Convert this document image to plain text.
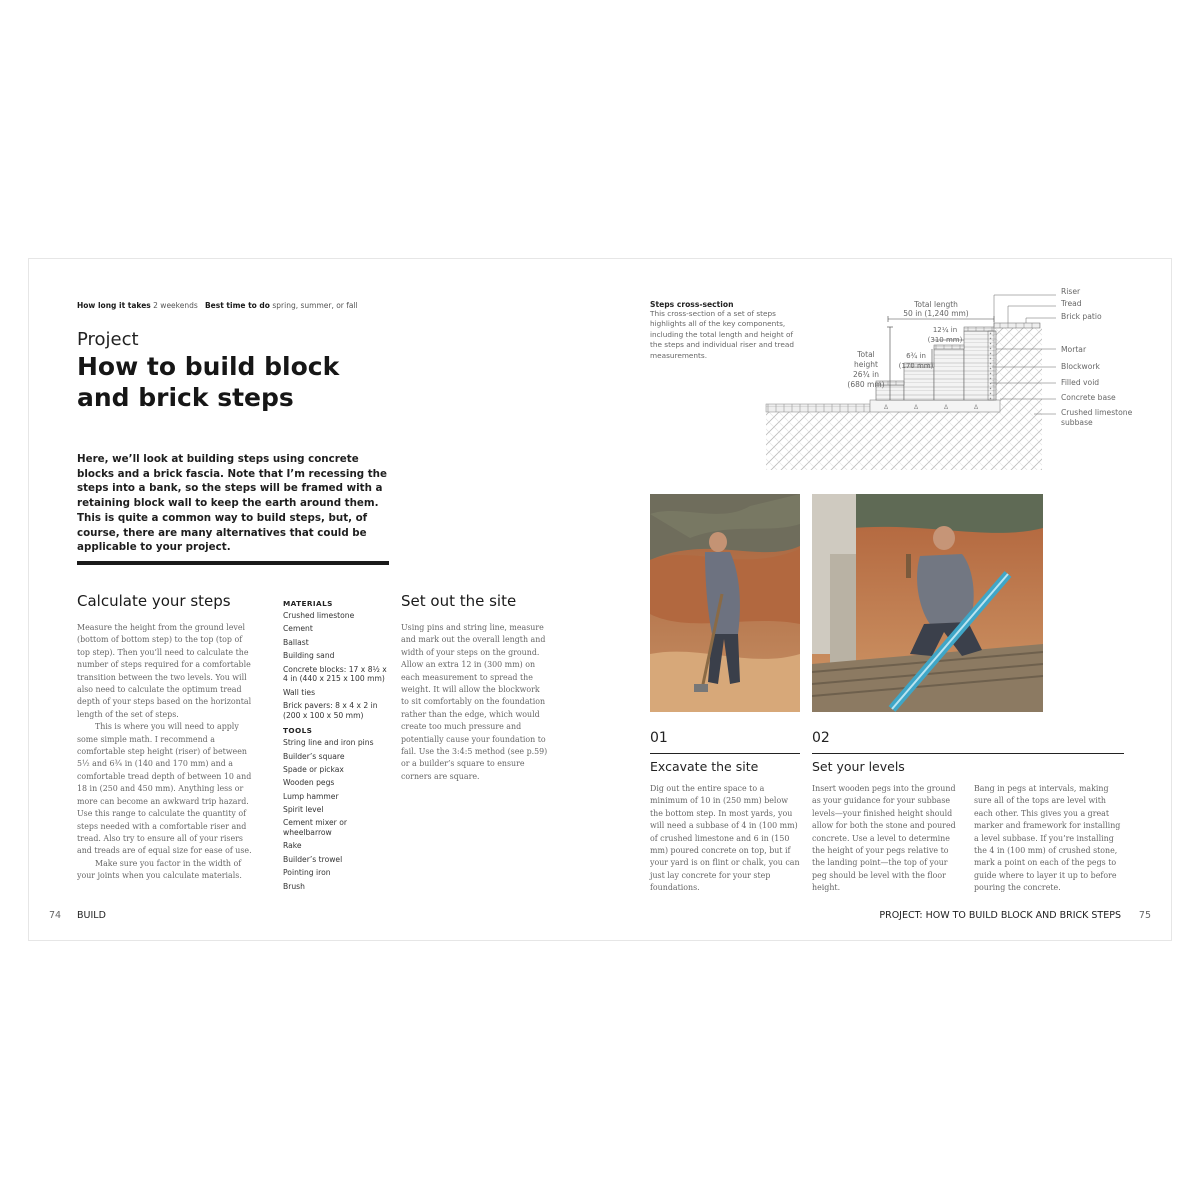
How long it takes 2 weekends Best time to do spring, summer, or fall
Project
How to build block
and brick steps
Here, we’ll look at building steps using concrete blocks and a brick fascia. Note that I’m recessing the steps into a bank, so the steps will be framed with a retaining block wall to keep the earth around them. This is quite a common way to build steps, but, of course, there are many alternatives that could be applicable to your project.
Calculate your steps

Measure the height from the ground level (bottom of bottom step) to the top (top of top step). Then you’ll need to calculate the number of steps required for a comfortable transition between the two levels. You will also need to calculate the optimum tread depth of your steps based on the horizontal length of the set of steps.

This is where you will need to apply some simple math. I recommend a comfortable step height (riser) of between 5½ and 6¾ in (140 and 170 mm) and a comfortable tread depth of between 10 and 18 in (250 and 450 mm). Anything less or more can become an awkward trip hazard. Use this range to calculate the quantity of steps needed with a comfortable riser and tread. Also try to ensure all of your risers and treads are of equal size for ease of use.

Make sure you factor in the width of your joints when you calculate materials.

MATERIALS
Crushed limestone
Cement
Ballast
Building sand
Concrete blocks: 17 x 8½ x 4 in (440 x 215 x 100 mm)
Wall ties
Brick pavers: 8 x 4 x 2 in (200 x 100 x 50 mm)
TOOLS
String line and iron pins
Builder’s square
Spade or pickax
Wooden pegs
Lump hammer
Spirit level
Cement mixer or wheelbarrow
Rake
Builder’s trowel
Pointing iron
Brush
Set out the site

Using pins and string line, measure and mark out the overall length and width of your steps on the ground. Allow an extra 12 in (300 mm) on each measurement to spread the weight. It will allow the blockwork to sit comfortably on the foundation rather than the edge, which would create too much pressure and potentially cause your foundation to fail. Use the 3:4:5 method (see p.59) or a builder’s square to ensure corners are square.

74 BUILD
Steps cross-section
This cross-section of a set of steps highlights all of the key components, including the total length and height of the steps and individual riser and tread measurements.
Δ	Δ	Δ	Δ
Total length
50 in (1,240 mm)
Total
height
26¾ in
(680 mm)
12¼ in
(310 mm)
6¾ in
(170 mm)
Riser
Tread
Brick patio
Mortar
Blockwork
Filled void
Concrete base
Crushed limestone subbase
01
Excavate the site

Dig out the entire space to a minimum of 10 in (250 mm) below the bottom step. In most yards, you will need a subbase of 4 in (100 mm) of crushed limestone and 6 in (150 mm) poured concrete on top, but if your yard is on flint or chalk, you can just lay concrete for your step foundations.

02
Set your levels

Insert wooden pegs into the ground as your guidance for your subbase levels—your finished height should allow for both the stone and poured concrete. Use a level to determine the height of your pegs relative to the landing point—the top of your peg should be level with the floor height.

Bang in pegs at intervals, making sure all of the tops are level with each other. This gives you a great marker and framework for installing a level subbase. If you’re installing the 4 in (100 mm) of crushed stone, mark a point on each of the pegs to guide where to layer it up to before pouring the concrete.

PROJECT: HOW TO BUILD BLOCK AND BRICK STEPS 75
